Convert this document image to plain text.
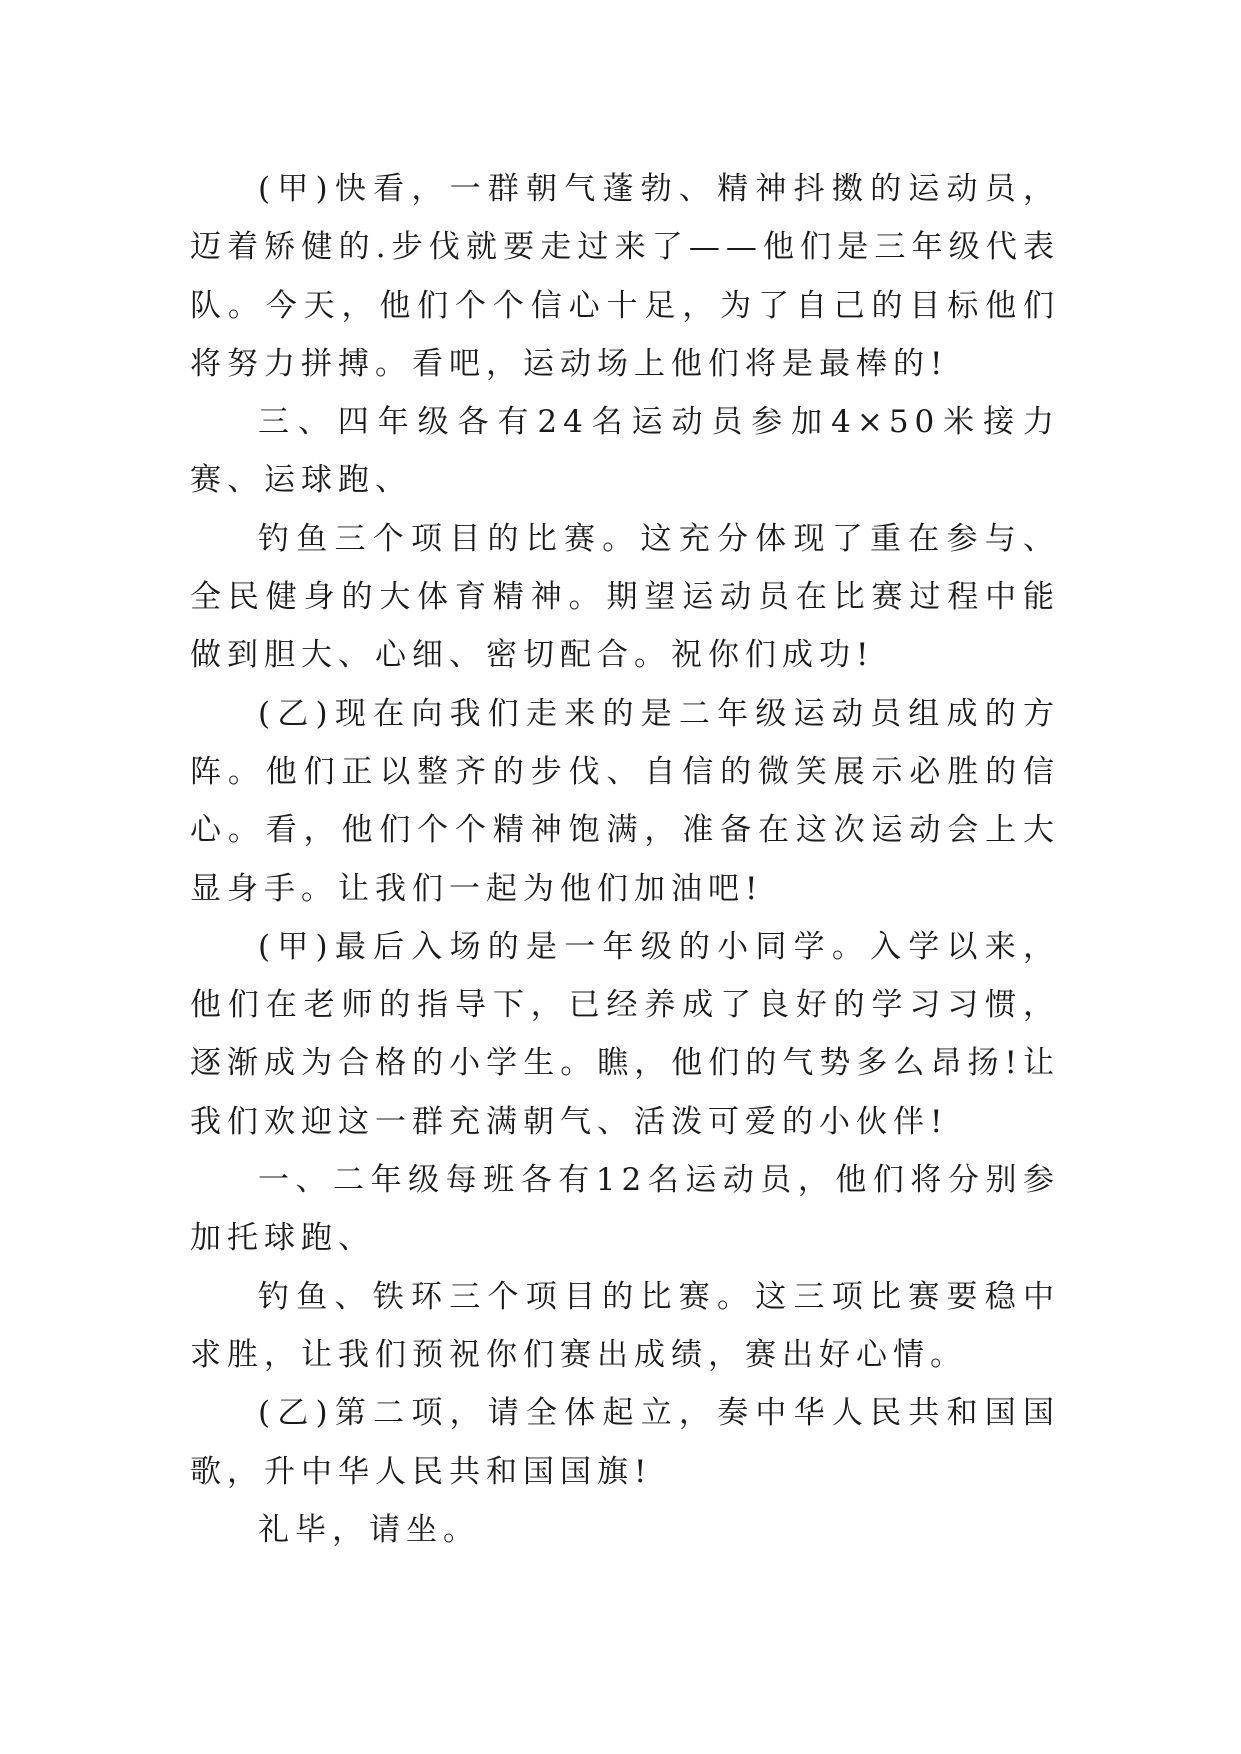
(甲)快看，一群朝气蓬勃、精神抖擞的运动员，迈着矫健的.步伐就要走过来了——他们是三年级代表队。今天，他们个个信心十足，为了自己的目标他们将努力拼搏。看吧，运动场上他们将是最棒的!

三、四年级各有24名运动员参加4×50米接力赛、运球跑、

钓鱼三个项目的比赛。这充分体现了重在参与、全民健身的大体育精神。期望运动员在比赛过程中能做到胆大、心细、密切配合。祝你们成功!

(乙)现在向我们走来的是二年级运动员组成的方阵。他们正以整齐的步伐、自信的微笑展示必胜的信心。看，他们个个精神饱满，准备在这次运动会上大显身手。让我们一起为他们加油吧!

(甲)最后入场的是一年级的小同学。入学以来，他们在老师的指导下，已经养成了良好的学习习惯，逐渐成为合格的小学生。瞧，他们的气势多么昂扬!让我们欢迎这一群充满朝气、活泼可爱的小伙伴!

一、二年级每班各有12名运动员，他们将分别参加托球跑、

钓鱼、铁环三个项目的比赛。这三项比赛要稳中求胜，让我们预祝你们赛出成绩，赛出好心情。

(乙)第二项，请全体起立，奏中华人民共和国国歌，升中华人民共和国国旗!

礼毕，请坐。
